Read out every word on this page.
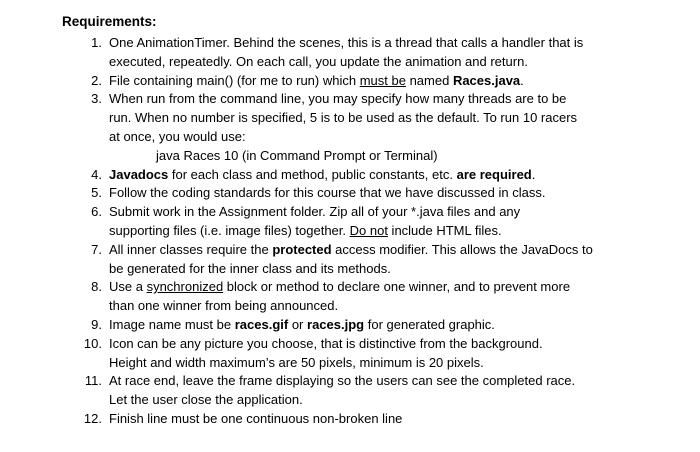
Requirements:
1. One AnimationTimer. Behind the scenes, this is a thread that calls a handler that is
executed, repeatedly. On each call, you update the animation and return.
2. File containing main() (for me to run) which must be named Races.java.
3. When run from the command line, you may specify how many threads are to be
run. When no number is specified, 5 is to be used as the default. To run 10 racers
at once, you would use:
java Races 10 (in Command Prompt or Terminal)
4. Javadocs for each class and method, public constants, etc. are required.
5. Follow the coding standards for this course that we have discussed in class.
6. Submit work in the Assignment folder. Zip all of your *.java files and any
supporting files (i.e. image files) together. Do not include HTML files.
7. All inner classes require the protected access modifier. This allows the JavaDocs to
be generated for the inner class and its methods.
8. Use a synchronized block or method to declare one winner, and to prevent more
than one winner from being announced.
9. Image name must be races.gif or races.jpg for generated graphic.
10. Icon can be any picture you choose, that is distinctive from the background.
Height and width maximum’s are 50 pixels, minimum is 20 pixels.
11. At race end, leave the frame displaying so the users can see the completed race.
Let the user close the application.
12. Finish line must be one continuous non-broken line
